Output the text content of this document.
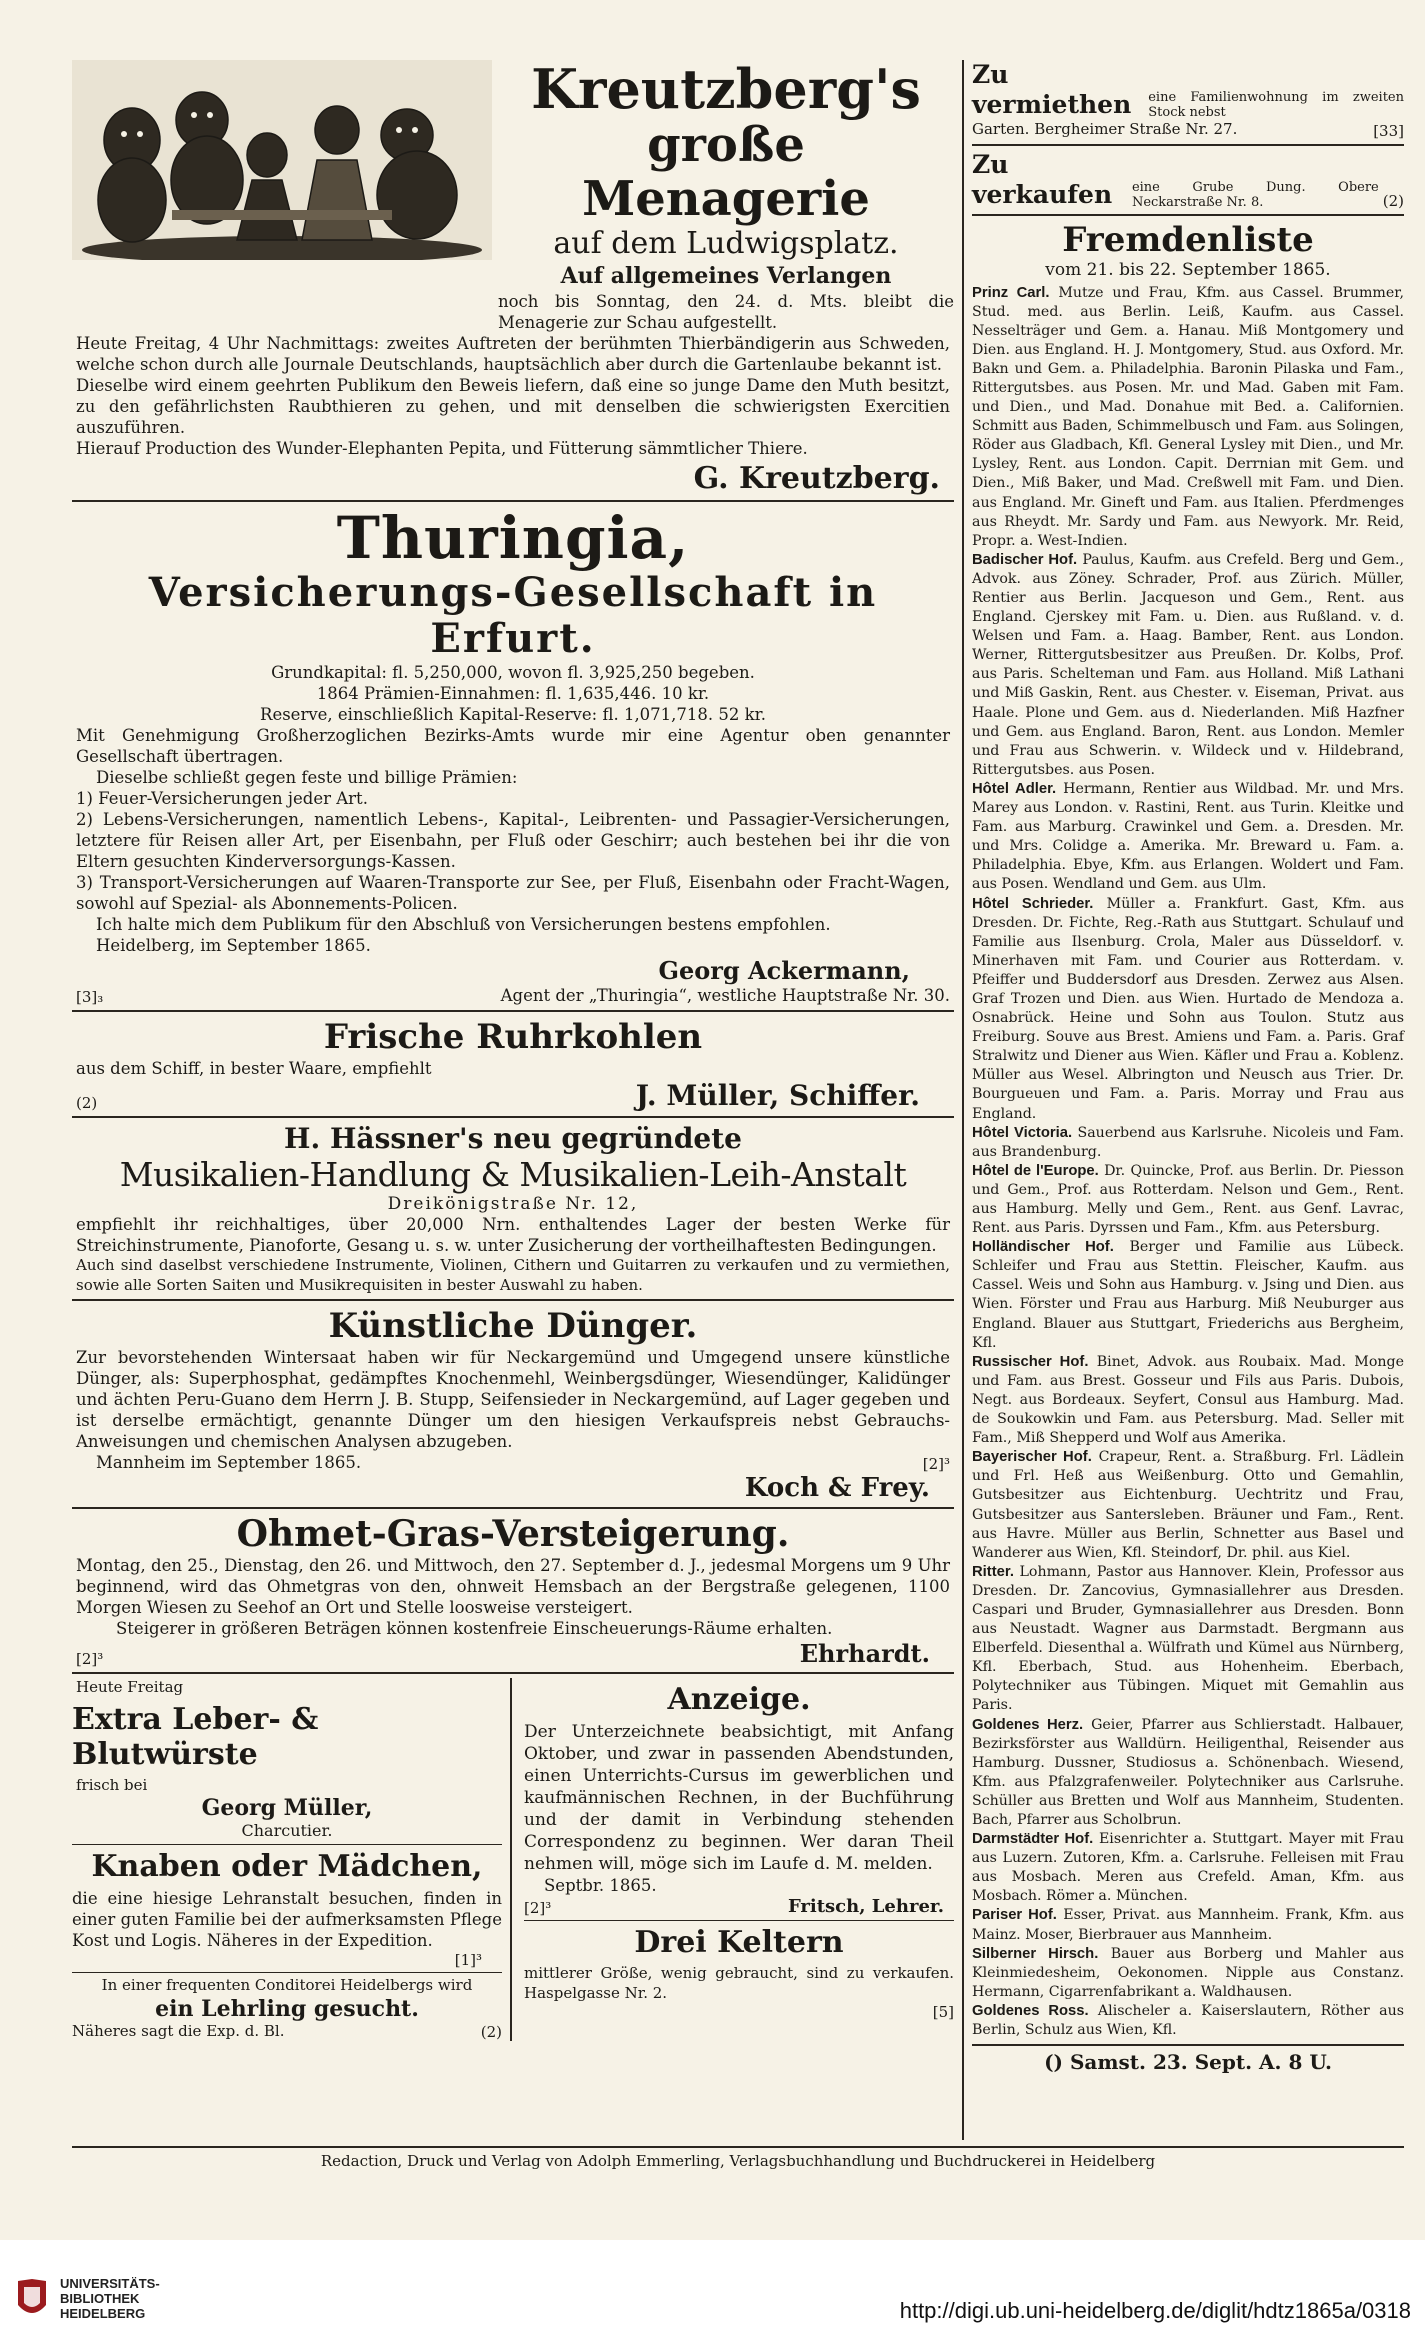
Kreutzberg's

große Menagerie

auf dem Ludwigsplatz.

Auf allgemeines Verlangen

noch bis Sonntag, den 24. d. Mts. bleibt die Menagerie zur Schau aufgestellt.

Heute Freitag, 4 Uhr Nachmittags: zweites Auftreten der berühmten Thierbändigerin aus Schweden, welche schon durch alle Journale Deutschlands, hauptsächlich aber durch die Gartenlaube bekannt ist.

Dieselbe wird einem geehrten Publikum den Beweis liefern, daß eine so junge Dame den Muth besitzt, zu den gefährlichsten Raubthieren zu gehen, und mit denselben die schwierigsten Exercitien auszuführen.

Hierauf Production des Wunder-Elephanten Pepita, und Fütterung sämmtlicher Thiere.

G. Kreutzberg.

Thuringia,

Versicherungs-Gesellschaft in Erfurt.

Grundkapital: fl. 5,250,000, wovon fl. 3,925,250 begeben.

1864 Prämien-Einnahmen: fl. 1,635,446. 10 kr.

Reserve, einschließlich Kapital-Reserve: fl. 1,071,718. 52 kr.

Mit Genehmigung Großherzoglichen Bezirks-Amts wurde mir eine Agentur oben genannter Gesellschaft übertragen.

Dieselbe schließt gegen feste und billige Prämien:

1) Feuer-Versicherungen jeder Art.

2) Lebens-Versicherungen, namentlich Lebens-, Kapital-, Leibrenten- und Passagier-Versicherungen, letztere für Reisen aller Art, per Eisenbahn, per Fluß oder Geschirr; auch bestehen bei ihr die von Eltern gesuchten Kinderversorgungs-Kassen.

3) Transport-Versicherungen auf Waaren-Transporte zur See, per Fluß, Eisenbahn oder Fracht-Wagen, sowohl auf Spezial- als Abonnements-Policen.

Ich halte mich dem Publikum für den Abschluß von Versicherungen bestens empfohlen.

Heidelberg, im September 1865.

Georg Ackermann,

[3]₃	Agent der „Thuringia“, westliche Hauptstraße Nr. 30.

Frische Ruhrkohlen

aus dem Schiff, in bester Waare, empfiehlt

(2)	J. Müller, Schiffer.

H. Hässner's neu gegründete

Musikalien-Handlung & Musikalien-Leih-Anstalt

Dreikönigstraße Nr. 12,

empfiehlt ihr reichhaltiges, über 20,000 Nrn. enthaltendes Lager der besten Werke für Streichinstrumente, Pianoforte, Gesang u. s. w. unter Zusicherung der vortheilhaftesten Bedingungen.

Auch sind daselbst verschiedene Instrumente, Violinen, Cithern und Guitarren zu verkaufen und zu vermiethen, sowie alle Sorten Saiten und Musikrequisiten in bester Auswahl zu haben.

Künstliche Dünger.

Zur bevorstehenden Wintersaat haben wir für Neckargemünd und Umgegend unsere künstliche Dünger, als: Superphosphat, gedämpftes Knochenmehl, Weinbergsdünger, Wiesendünger, Kalidünger und ächten Peru-Guano dem Herrn J. B. Stupp, Seifensieder in Neckargemünd, auf Lager gegeben und ist derselbe ermächtigt, genannte Dünger um den hiesigen Verkaufspreis nebst Gebrauchs-Anweisungen und chemischen Analysen abzugeben.

Mannheim im September 1865.	[2]³

Koch & Frey.

Ohmet-Gras-Versteigerung.

Montag, den 25., Dienstag, den 26. und Mittwoch, den 27. September d. J., jedesmal Morgens um 9 Uhr beginnend, wird das Ohmetgras von den, ohnweit Hemsbach an der Bergstraße gelegenen, 1100 Morgen Wiesen zu Seehof an Ort und Stelle loosweise versteigert.

Steigerer in größeren Beträgen können kostenfreie Einscheuerungs-Räume erhalten.

[2]³	Ehrhardt.

Heute Freitag

Extra Leber- & Blutwürste

frisch bei

Georg Müller,

Charcutier.

Knaben oder Mädchen,

die eine hiesige Lehranstalt besuchen, finden in einer guten Familie bei der aufmerksamsten Pflege Kost und Logis. Näheres in der Expedition.

[1]³

In einer frequenten Conditorei Heidelbergs wird

ein Lehrling gesucht.

Näheres sagt die Exp. d. Bl.	(2)

Anzeige.

Der Unterzeichnete beabsichtigt, mit Anfang Oktober, und zwar in passenden Abendstunden, einen Unterrichts-Cursus im gewerblichen und kaufmännischen Rechnen, in der Buchführung und der damit in Verbindung stehenden Correspondenz zu beginnen. Wer daran Theil nehmen will, möge sich im Laufe d. M. melden.

Septbr. 1865.

[2]³	Fritsch, Lehrer.

Drei Keltern

mittlerer Größe, wenig gebraucht, sind zu verkaufen. Haspelgasse Nr. 2.

[5]

Zu vermiethen	eine Familienwohnung im zweiten Stock nebst
Garten. Bergheimer Straße Nr. 27.	[33]
Zu verkaufen	eine Grube Dung. Obere Neckarstraße Nr. 8.	(2)

Fremdenliste

vom 21. bis 22. September 1865.

Prinz Carl. Mutze und Frau, Kfm. aus Cassel. Brummer, Stud. med. aus Berlin. Leiß, Kaufm. aus Cassel. Nesselträger und Gem. a. Hanau. Miß Montgomery und Dien. aus England. H. J. Montgomery, Stud. aus Oxford. Mr. Bakn und Gem. a. Philadelphia. Baronin Pilaska und Fam., Rittergutsbes. aus Posen. Mr. und Mad. Gaben mit Fam. und Dien., und Mad. Donahue mit Bed. a. Californien. Schmitt aus Baden, Schimmelbusch und Fam. aus Solingen, Röder aus Gladbach, Kfl. General Lysley mit Dien., und Mr. Lysley, Rent. aus London. Capit. Derrnian mit Gem. und Dien., Miß Baker, und Mad. Creßwell mit Fam. und Dien. aus England. Mr. Gineft und Fam. aus Italien. Pferdmenges aus Rheydt. Mr. Sardy und Fam. aus Newyork. Mr. Reid, Propr. a. West-Indien.

Badischer Hof. Paulus, Kaufm. aus Crefeld. Berg und Gem., Advok. aus Zöney. Schrader, Prof. aus Zürich. Müller, Rentier aus Berlin. Jacqueson und Gem., Rent. aus England. Cjerskey mit Fam. u. Dien. aus Rußland. v. d. Welsen und Fam. a. Haag. Bamber, Rent. aus London. Werner, Rittergutsbesitzer aus Preußen. Dr. Kolbs, Prof. aus Paris. Schelteman und Fam. aus Holland. Miß Lathani und Miß Gaskin, Rent. aus Chester. v. Eiseman, Privat. aus Haale. Plone und Gem. aus d. Niederlanden. Miß Hazfner und Gem. aus England. Baron, Rent. aus London. Memler und Frau aus Schwerin. v. Wildeck und v. Hildebrand, Rittergutsbes. aus Posen.

Hôtel Adler. Hermann, Rentier aus Wildbad. Mr. und Mrs. Marey aus London. v. Rastini, Rent. aus Turin. Kleitke und Fam. aus Marburg. Crawinkel und Gem. a. Dresden. Mr. und Mrs. Colidge a. Amerika. Mr. Breward u. Fam. a. Philadelphia. Ebye, Kfm. aus Erlangen. Woldert und Fam. aus Posen. Wendland und Gem. aus Ulm.

Hôtel Schrieder. Müller a. Frankfurt. Gast, Kfm. aus Dresden. Dr. Fichte, Reg.-Rath aus Stuttgart. Schulauf und Familie aus Ilsenburg. Crola, Maler aus Düsseldorf. v. Minerhaven mit Fam. und Courier aus Rotterdam. v. Pfeiffer und Buddersdorf aus Dresden. Zerwez aus Alsen. Graf Trozen und Dien. aus Wien. Hurtado de Mendoza a. Osnabrück. Heine und Sohn aus Toulon. Stutz aus Freiburg. Souve aus Brest. Amiens und Fam. a. Paris. Graf Stralwitz und Diener aus Wien. Käfler und Frau a. Koblenz. Müller aus Wesel. Albrington und Neusch aus Trier. Dr. Bourgueuen und Fam. a. Paris. Morray und Frau aus England.

Hôtel Victoria. Sauerbend aus Karlsruhe. Nicoleis und Fam. aus Brandenburg.

Hôtel de l'Europe. Dr. Quincke, Prof. aus Berlin. Dr. Piesson und Gem., Prof. aus Rotterdam. Nelson und Gem., Rent. aus Hamburg. Melly und Gem., Rent. aus Genf. Lavrac, Rent. aus Paris. Dyrssen und Fam., Kfm. aus Petersburg.

Holländischer Hof. Berger und Familie aus Lübeck. Schleifer und Frau aus Stettin. Fleischer, Kaufm. aus Cassel. Weis und Sohn aus Hamburg. v. Jsing und Dien. aus Wien. Förster und Frau aus Harburg. Miß Neuburger aus England. Blauer aus Stuttgart, Friederichs aus Bergheim, Kfl.

Russischer Hof. Binet, Advok. aus Roubaix. Mad. Monge und Fam. aus Brest. Gosseur und Fils aus Paris. Dubois, Negt. aus Bordeaux. Seyfert, Consul aus Hamburg. Mad. de Soukowkin und Fam. aus Petersburg. Mad. Seller mit Fam., Miß Shepperd und Wolf aus Amerika.

Bayerischer Hof. Crapeur, Rent. a. Straßburg. Frl. Lädlein und Frl. Heß aus Weißenburg. Otto und Gemahlin, Gutsbesitzer aus Eichtenburg. Uechtritz und Frau, Gutsbesitzer aus Santersleben. Bräuner und Fam., Rent. aus Havre. Müller aus Berlin, Schnetter aus Basel und Wanderer aus Wien, Kfl. Steindorf, Dr. phil. aus Kiel.

Ritter. Lohmann, Pastor aus Hannover. Klein, Professor aus Dresden. Dr. Zancovius, Gymnasiallehrer aus Dresden. Caspari und Bruder, Gymnasiallehrer aus Dresden. Bonn aus Neustadt. Wagner aus Darmstadt. Bergmann aus Elberfeld. Diesenthal a. Wülfrath und Kümel aus Nürnberg, Kfl. Eberbach, Stud. aus Hohenheim. Eberbach, Polytechniker aus Tübingen. Miquet mit Gemahlin aus Paris.

Goldenes Herz. Geier, Pfarrer aus Schlierstadt. Halbauer, Bezirksförster aus Walldürn. Heiligenthal, Reisender aus Hamburg. Dussner, Studiosus a. Schönenbach. Wiesend, Kfm. aus Pfalzgrafenweiler. Polytechniker aus Carlsruhe. Schüller aus Bretten und Wolf aus Mannheim, Studenten. Bach, Pfarrer aus Scholbrun.

Darmstädter Hof. Eisenrichter a. Stuttgart. Mayer mit Frau aus Luzern. Zutoren, Kfm. a. Carlsruhe. Felleisen mit Frau aus Mosbach. Meren aus Crefeld. Aman, Kfm. aus Mosbach. Römer a. München.

Pariser Hof. Esser, Privat. aus Mannheim. Frank, Kfm. aus Mainz. Moser, Bierbrauer aus Mannheim.

Silberner Hirsch. Bauer aus Borberg und Mahler aus Kleinmiedesheim, Oekonomen. Nipple aus Constanz. Hermann, Cigarrenfabrikant a. Waldhausen.

Goldenes Ross. Alischeler a. Kaiserslautern, Röther aus Berlin, Schulz aus Wien, Kfl.

() Samst. 23. Sept. A. 8 U.

Redaction, Druck und Verlag von Adolph Emmerling, Verlagsbuchhandlung und Buchdruckerei in Heidelberg
UNIVERSITÄTS-
BIBLIOTHEK
HEIDELBERG	http://digi.ub.uni-heidelberg.de/diglit/hdtz1865a/0318
